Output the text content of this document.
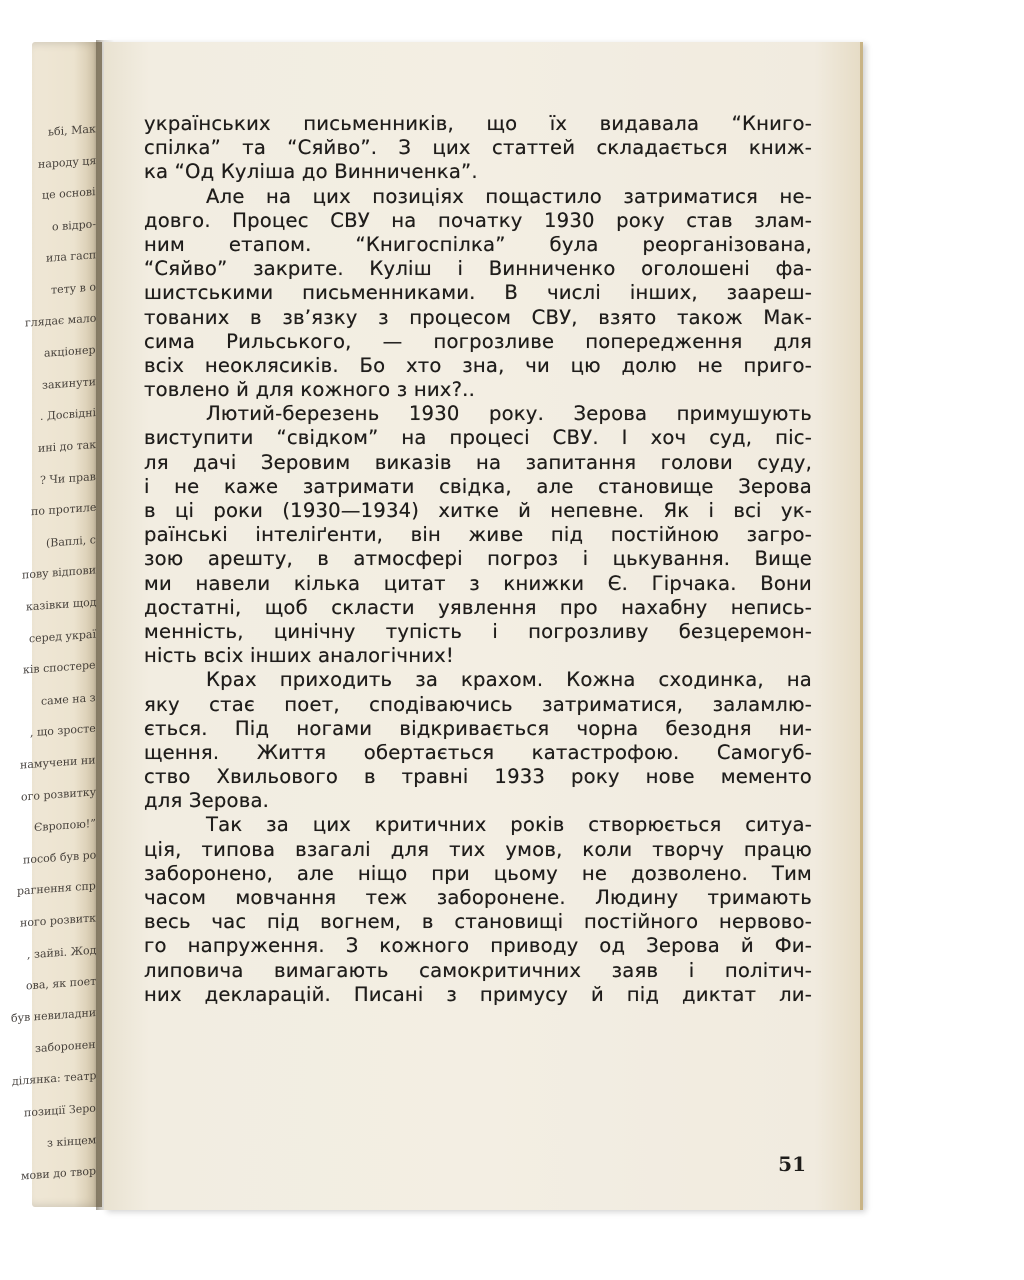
ьбі, Мак
народу ця
це основі
о відро-
ила гасп
тету в о
глядає мало
акціонер
закинути
. Досвідні
ині до так
? Чи прав
по протиле
(Ваплі, с
пову відпови
казівки щод
серед украї
ків спостере
саме на з
, що зросте
намучени ни
ого розвитку
Європою!”
пособ був ро
рагнення спр
ного розвитк
, зайві. Жод
ова, як поет
був невиладни
заборонен
ділянка: театр
позиції Зеро
з кінцем
мови до твор
українських письменників, що їх видавала “Книго-
спілка” та “Сяйво”. З цих статтей складається книж-
ка “Од Куліша до Винниченка”.
Але на цих позиціях пощастило затриматися не-
довго. Процес СВУ на початку 1930 року став злам-
ним етапом. “Книгоспілка” була реорганізована,
“Сяйво” закрите. Куліш і Винниченко оголошені фа-
шистськими письменниками. В числі інших, заареш-
тованих в зв’язку з процесом СВУ, взято також Мак-
сима Рильського, — погрозливе попередження для
всіх неоклясиків. Бо хто зна, чи цю долю не приго-
товлено й для кожного з них?..
Лютий-березень 1930 року. Зерова примушують
виступити “свідком” на процесі СВУ. І хоч суд, піс-
ля дачі Зеровим виказів на запитання голови суду,
і не каже затримати свідка, але становище Зерова
в ці роки (1930—1934) хитке й непевне. Як і всі ук-
раїнські інтеліґенти, він живе під постійною загро-
зою арешту, в атмосфері погроз і цькування. Вище
ми навели кілька цитат з книжки Є. Гірчака. Вони
достатні, щоб скласти уявлення про нахабну непись-
менність, цинічну тупість і погрозливу безцеремон-
ність всіх інших аналогічних!
Крах приходить за крахом. Кожна сходинка, на
яку стає поет, сподіваючись затриматися, заламлю-
ється. Під ногами відкривається чорна безодня ни-
щення. Життя обертається катастрофою. Самогуб-
ство Хвильового в травні 1933 року нове мементо
для Зерова.
Так за цих критичних років створюється ситуа-
ція, типова взагалі для тих умов, коли творчу працю
заборонено, але ніщо при цьому не дозволено. Тим
часом мовчання теж заборонене. Людину тримають
весь час під вогнем, в становищі постійного нервово-
го напруження. З кожного приводу од Зерова й Фи-
липовича вимагають самокритичних заяв і політич-
них декларацій. Писані з примусу й під диктат ли-
51
